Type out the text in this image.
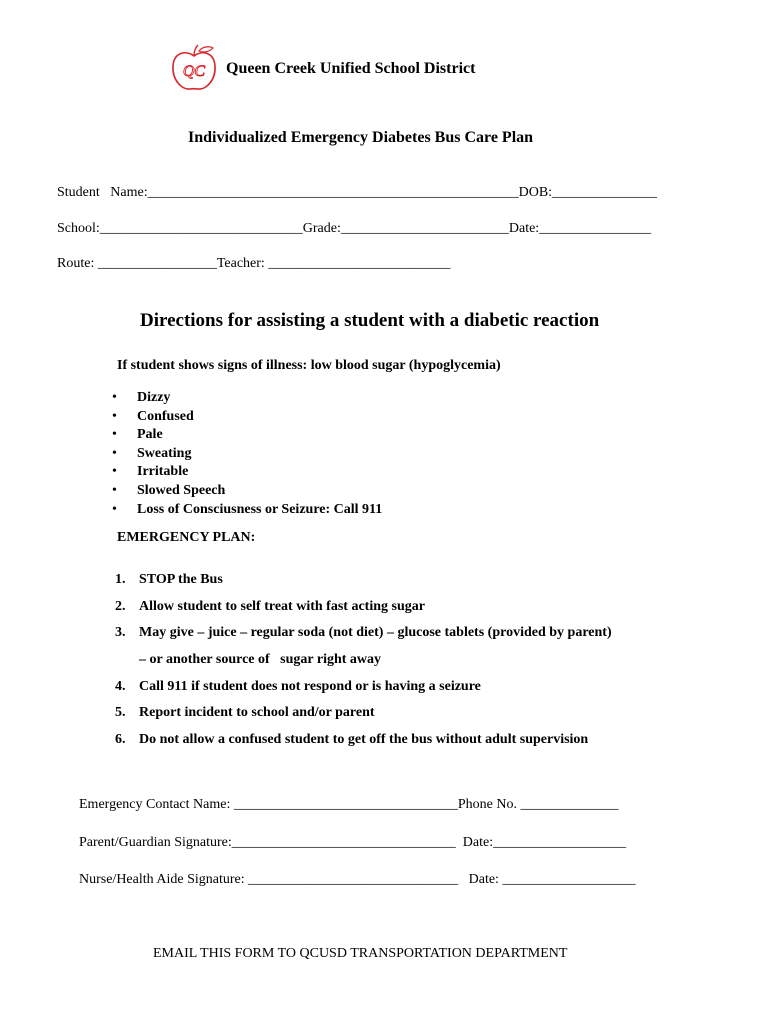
QC Queen Creek Unified School District
Individualized Emergency Diabetes Bus Care Plan
Student   Name:_____________________________________________________DOB:_______________
School:_____________________________Grade:________________________Date:________________
Route: _________________Teacher: __________________________
Directions for assisting a student with a diabetic reaction
If student shows signs of illness: low blood sugar (hypoglycemia)
• Dizzy
• Confused
• Pale
• Sweating
• Irritable
• Slowed Speech
• Loss of Consciusness or Seizure: Call 911
EMERGENCY PLAN:
1. STOP the Bus
2. Allow student to self treat with fast acting sugar
3. May give – juice – regular soda (not diet) – glucose tablets (provided by parent)
– or another source of   sugar right away
4. Call 911 if student does not respond or is having a seizure
5. Report incident to school and/or parent
6. Do not allow a confused student to get off the bus without adult supervision
Emergency Contact Name: ________________________________Phone No. ______________
Parent/Guardian Signature:________________________________  Date:___________________
Nurse/Health Aide Signature: ______________________________   Date: ___________________
EMAIL THIS FORM TO QCUSD TRANSPORTATION DEPARTMENT
